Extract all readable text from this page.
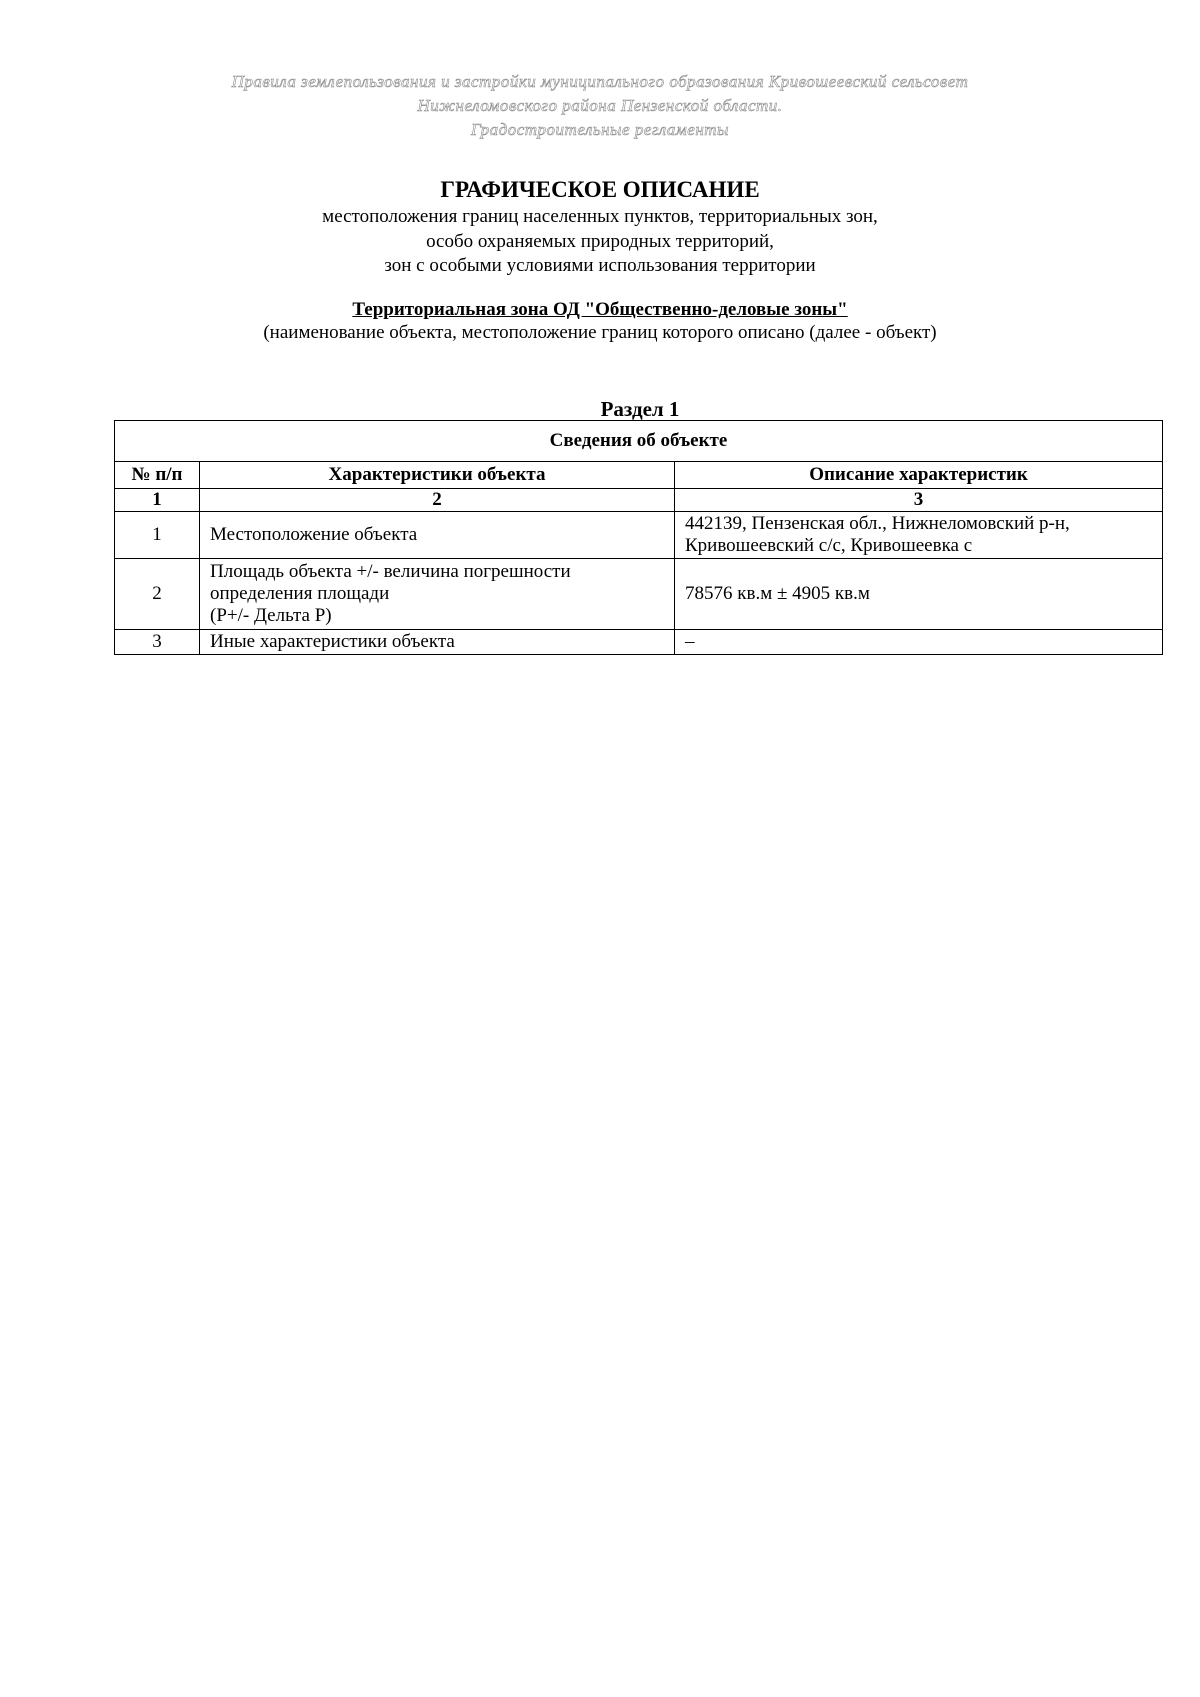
Правила землепользования и застройки муниципального образования Кривошеевский сельсовет
Нижнеломовского района Пензенской области.
Градостроительные регламенты
ГРАФИЧЕСКОЕ ОПИСАНИЕ
местоположения границ населенных пунктов, территориальных зон,
особо охраняемых природных территорий,
зон с особыми условиями использования территории
Территориальная зона ОД "Общественно-деловые зоны"
(наименование объекта, местоположение границ которого описано (далее - объект)
Раздел 1
Сведения об объекте		
№ п/п	Характеристики объекта	Описание характеристик
1	2	3
1	Местоположение объекта	442139, Пензенская обл., Нижнеломовский р-н,
Кривошеевский с/с, Кривошеевка с

2	Площадь объекта +/- величина погрешности
определения площади
(Р+/- Дельта Р)	78576 кв.м ± 4905 кв.м

3	Иные характеристики объекта	–
